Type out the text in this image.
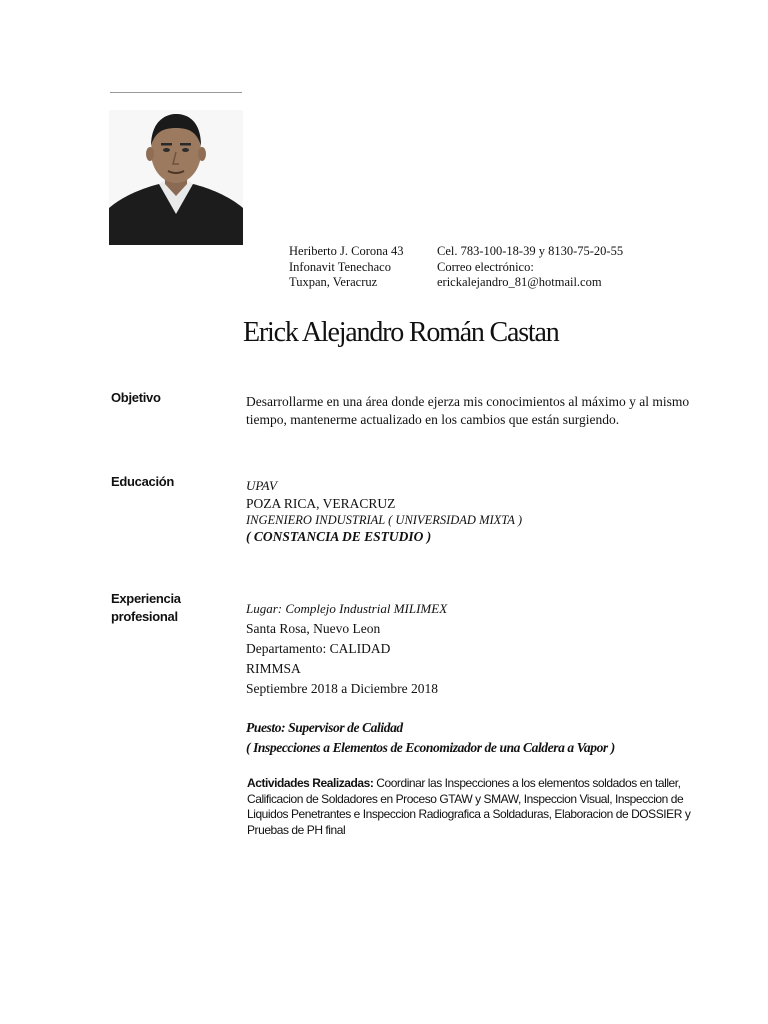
Heriberto J. Corona 43
Infonavit Tenechaco
Tuxpan, Veracruz
Cel. 783-100-18-39 y 8130-75-20-55
Correo electrónico:
erickalejandro_81@hotmail.com
Erick Alejandro Román Castan
Objetivo	Desarrollarme en una área donde ejerza mis conocimientos al máximo y al mismo
tiempo, mantenerme actualizado en los cambios que están surgiendo.
Educación	UPAV
POZA RICA, VERACRUZ
INGENIERO INDUSTRIAL ( UNIVERSIDAD MIXTA )
( CONSTANCIA DE ESTUDIO )
Experiencia
profesional
Lugar: Complejo Industrial MILIMEX
Santa Rosa, Nuevo Leon
Departamento: CALIDAD
RIMMSA
Septiembre 2018 a Diciembre 2018
Puesto: Supervisor de Calidad
( Inspecciones a Elementos de Economizador de una Caldera a Vapor )
Actividades Realizadas: Coordinar las Inspecciones a los elementos soldados en taller,
Calificacion de Soldadores en Proceso GTAW y SMAW, Inspeccion Visual, Inspeccion de
Liquidos Penetrantes e Inspeccion Radiografica a Soldaduras, Elaboracion de DOSSIER y
Pruebas de PH final
